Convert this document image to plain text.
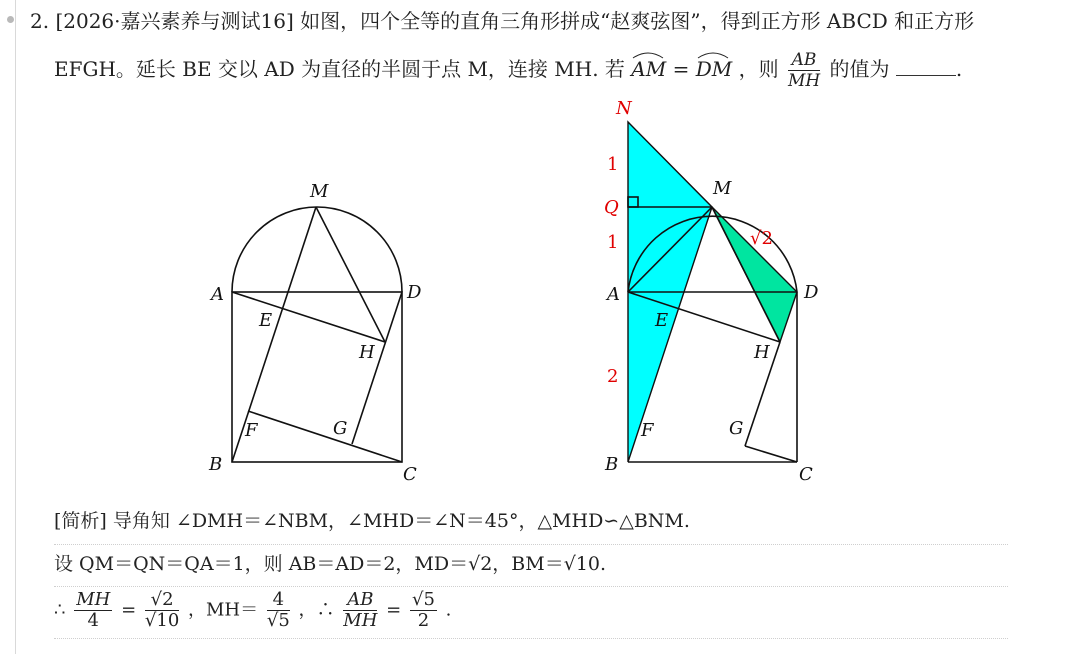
2. [2026·嘉兴素养与测试16] 如图，四个全等的直角三角形拼成“赵爽弦图”，得到正方形 ABCD 和正方形
EFGH。延长 BE 交以 AD 为直径的半圆于点 M，连接 MH. 若 AM = DM ，则 $\frac{AB}{MH}$ 的值为	.
M
A	D
E
H
F	G
B	C
N
M
Q
A	D
E
H
F	G
B	C
1
1
2
√2
[简析] 导角知 ∠DMH＝∠NBM，∠MHD＝∠N＝45°，△MHD∽△BNM.
设 QM＝QN＝QA＝1，则 AB＝AD＝2，MD＝√2，BM＝√10.
∴ $\frac{MH}{4} = \frac{√2}{√10}$ ，$MH= \frac{4}{√5}$ ，∴ $\frac{AB}{MH} = \frac{√5}{2}$ .
